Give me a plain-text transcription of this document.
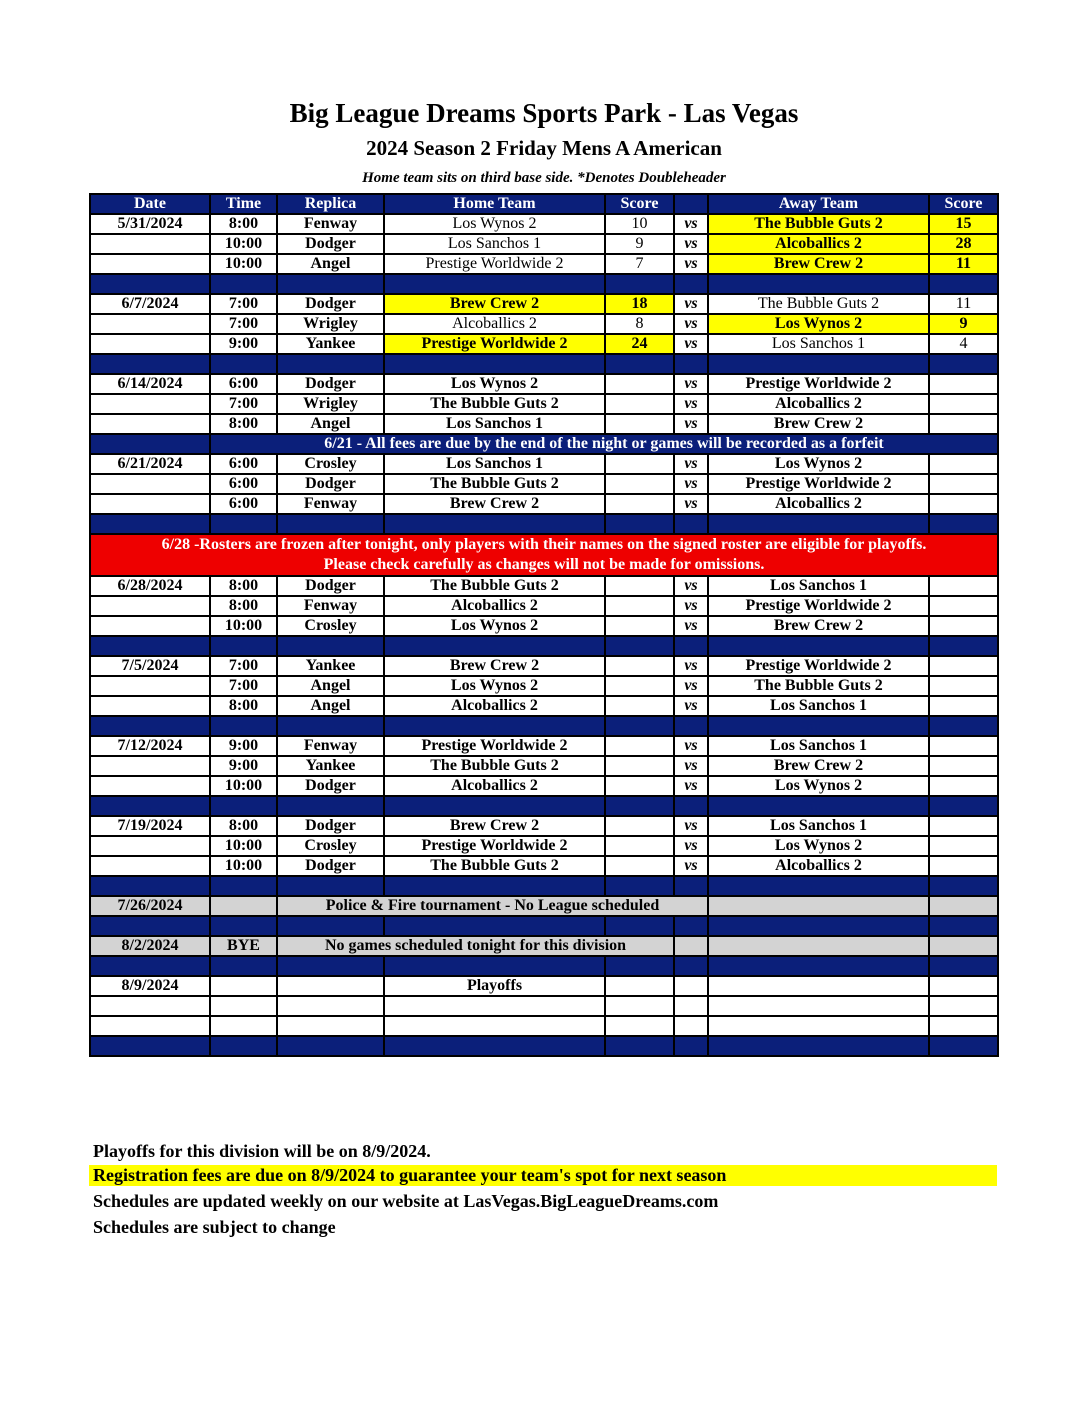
Big League Dreams Sports Park - Las Vegas
2024 Season 2 Friday Mens A American
Home team sits on third base side. *Denotes Doubleheader
Date	Time	Replica	Home Team	Score		Away Team	Score
5/31/2024	8:00	Fenway	Los Wynos 2	10	vs	The Bubble Guts 2	15
	10:00	Dodger	Los Sanchos 1	9	vs	Alcoballics 2	28
	10:00	Angel	Prestige Worldwide 2	7	vs	Brew Crew 2	11

6/7/2024	7:00	Dodger	Brew Crew 2	18	vs	The Bubble Guts 2	11
	7:00	Wrigley	Alcoballics 2	8	vs	Los Wynos 2	9
	9:00	Yankee	Prestige Worldwide 2	24	vs	Los Sanchos 1	4

6/14/2024	6:00	Dodger	Los Wynos 2		vs	Prestige Worldwide 2	
	7:00	Wrigley	The Bubble Guts 2		vs	Alcoballics 2	
	8:00	Angel	Los Sanchos 1		vs	Brew Crew 2	
	6/21 - All fees are due by the end of the night or games will be recorded as a forfeit						
6/21/2024	6:00	Crosley	Los Sanchos 1		vs	Los Wynos 2	
	6:00	Dodger	The Bubble Guts 2		vs	Prestige Worldwide 2	
	6:00	Fenway	Brew Crew 2		vs	Alcoballics 2	

6/28 -Rosters are frozen after tonight, only players with their names on the signed roster are eligible for playoffs.
Please check carefully as changes will not be made for omissions.							

6/28/2024	8:00	Dodger	The Bubble Guts 2		vs	Los Sanchos 1	
	8:00	Fenway	Alcoballics 2		vs	Prestige Worldwide 2	
	10:00	Crosley	Los Wynos 2		vs	Brew Crew 2	

7/5/2024	7:00	Yankee	Brew Crew 2		vs	Prestige Worldwide 2	
	7:00	Angel	Los Wynos 2		vs	The Bubble Guts 2	
	8:00	Angel	Alcoballics 2		vs	Los Sanchos 1	

7/12/2024	9:00	Fenway	Prestige Worldwide 2		vs	Los Sanchos 1	
	9:00	Yankee	The Bubble Guts 2		vs	Brew Crew 2	
	10:00	Dodger	Alcoballics 2		vs	Los Wynos 2	

7/19/2024	8:00	Dodger	Brew Crew 2		vs	Los Sanchos 1	
	10:00	Crosley	Prestige Worldwide 2		vs	Los Wynos 2	
	10:00	Dodger	The Bubble Guts 2		vs	Alcoballics 2	

7/26/2024		Police & Fire tournament - No League scheduled					

8/2/2024	BYE	No games scheduled tonight for this division					

8/9/2024			Playoffs				

Playoffs for this division will be on 8/9/2024.
Registration fees are due on 8/9/2024 to guarantee your team's spot for next season
Schedules are updated weekly on our website at LasVegas.BigLeagueDreams.com
Schedules are subject to change
